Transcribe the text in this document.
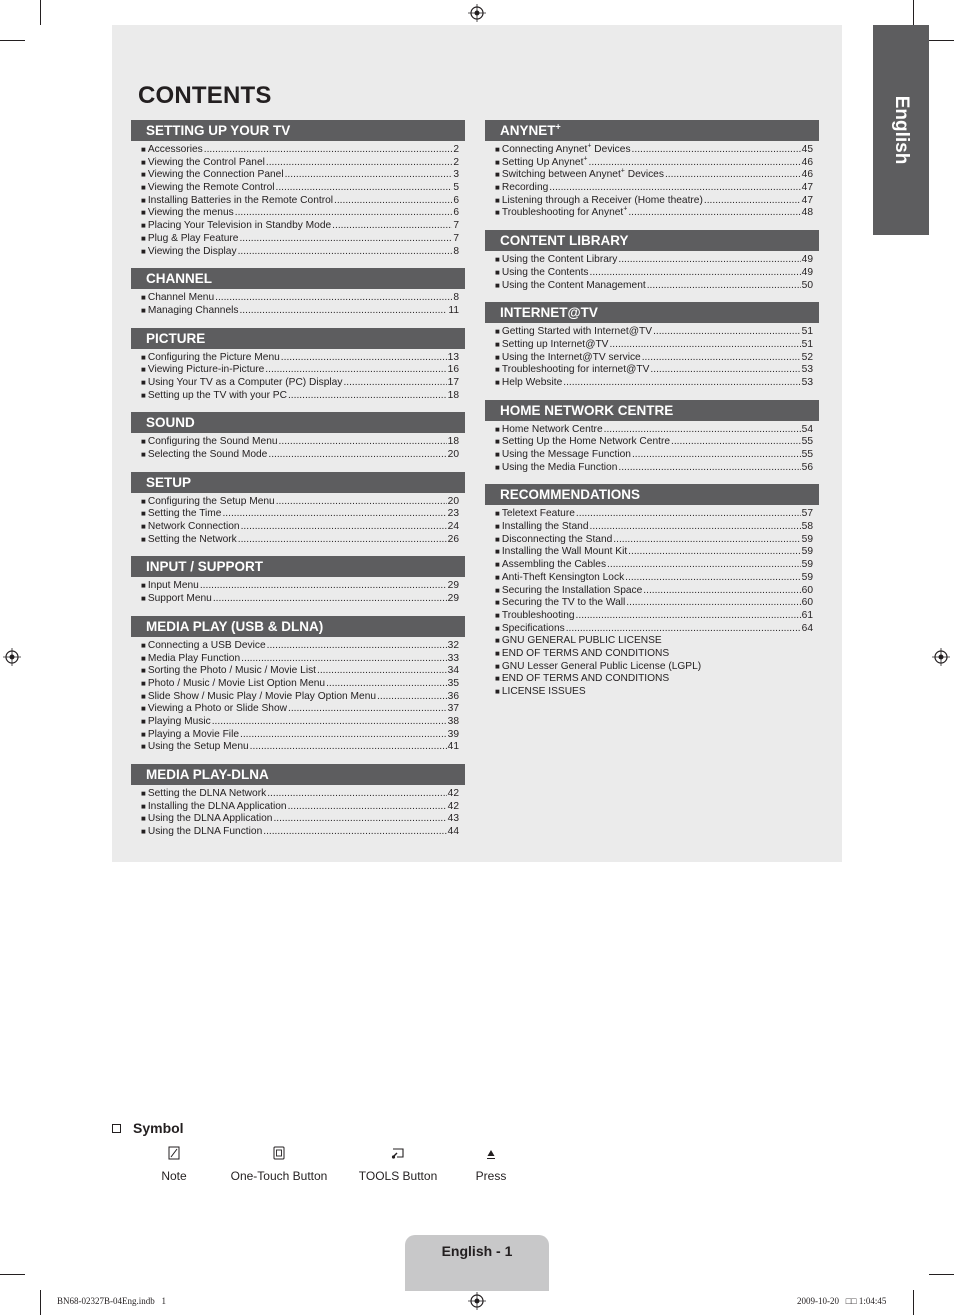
English
CONTENTS
SETTING UP YOUR TV
■ Accessories .....	2
■ Viewing the Control Panel .....	2
■ Viewing the Connection Panel .....	3
■ Viewing the Remote Control .....	5
■ Installing Batteries in the Remote Control .....	6
■ Viewing the menus .....	6
■ Placing Your Television in Standby Mode .....	7
■ Plug & Play Feature .....	7
■ Viewing the Display .....	8
CHANNEL
■ Channel Menu .....	8
■ Managing Channels .....	11
PICTURE
■ Configuring the Picture Menu .....	13
■ Viewing Picture-in-Picture .....	16
■ Using Your TV as a Computer (PC) Display .....	17
■ Setting up the TV with your PC .....	18
SOUND
■ Configuring the Sound Menu .....	18
■ Selecting the Sound Mode .....	20
SETUP
■ Configuring the Setup Menu .....	20
■ Setting the Time .....	23
■ Network Connection .....	24
■ Setting the Network .....	26
INPUT / SUPPORT
■ Input Menu .....	29
■ Support Menu .....	29
MEDIA PLAY (USB & DLNA)
■ Connecting a USB Device .....	32
■ Media Play Function .....	33
■ Sorting the Photo / Music / Movie List .....	34
■ Photo / Music / Movie List Option Menu .....	35
■ Slide Show / Music Play / Movie Play Option Menu .....	36
■ Viewing a Photo or Slide Show .....	37
■ Playing Music .....	38
■ Playing a Movie File .....	39
■ Using the Setup Menu .....	41
MEDIA PLAY-DLNA
■ Setting the DLNA Network .....	42
■ Installing the DLNA Application .....	42
■ Using the DLNA Application .....	43
■ Using the DLNA Function .....	44
ANYNET+
■ Connecting Anynet+ Devices .....	45
■ Setting Up Anynet+ .....	46
■ Switching between Anynet+ Devices .....	46
■ Recording .....	47
■ Listening through a Receiver (Home theatre) .....	47
■ Troubleshooting for Anynet+ .....	48
CONTENT LIBRARY
■ Using the Content Library .....	49
■ Using the Contents .....	49
■ Using the Content Management .....	50
INTERNET@TV
■ Getting Started with Internet@TV .....	51
■ Setting up Internet@TV .....	51
■ Using the Internet@TV service .....	52
■ Troubleshooting for internet@TV .....	53
■ Help Website .....	53
HOME NETWORK CENTRE
■ Home Network Centre .....	54
■ Setting Up the Home Network Centre .....	55
■ Using the Message Function .....	55
■ Using the Media Function .....	56
RECOMMENDATIONS
■ Teletext Feature .....	57
■ Installing the Stand .....	58
■ Disconnecting the Stand .....	59
■ Installing the Wall Mount Kit .....	59
■ Assembling the Cables .....	59
■ Anti-Theft Kensington Lock .....	59
■ Securing the Installation Space .....	60
■ Securing the TV to the Wall .....	60
■ Troubleshooting .....	61
■ Specifications .....	64
■ GNU GENERAL PUBLIC LICENSE
■ END OF TERMS AND CONDITIONS
■ GNU Lesser General Public License (LGPL)
■ END OF TERMS AND CONDITIONS
■ LICENSE ISSUES
Symbol
Note	One-Touch Button	TOOLS Button	Press
English - 1
BN68-02327B-04Eng.indb   1	2009-10-20   □□ 1:04:45
